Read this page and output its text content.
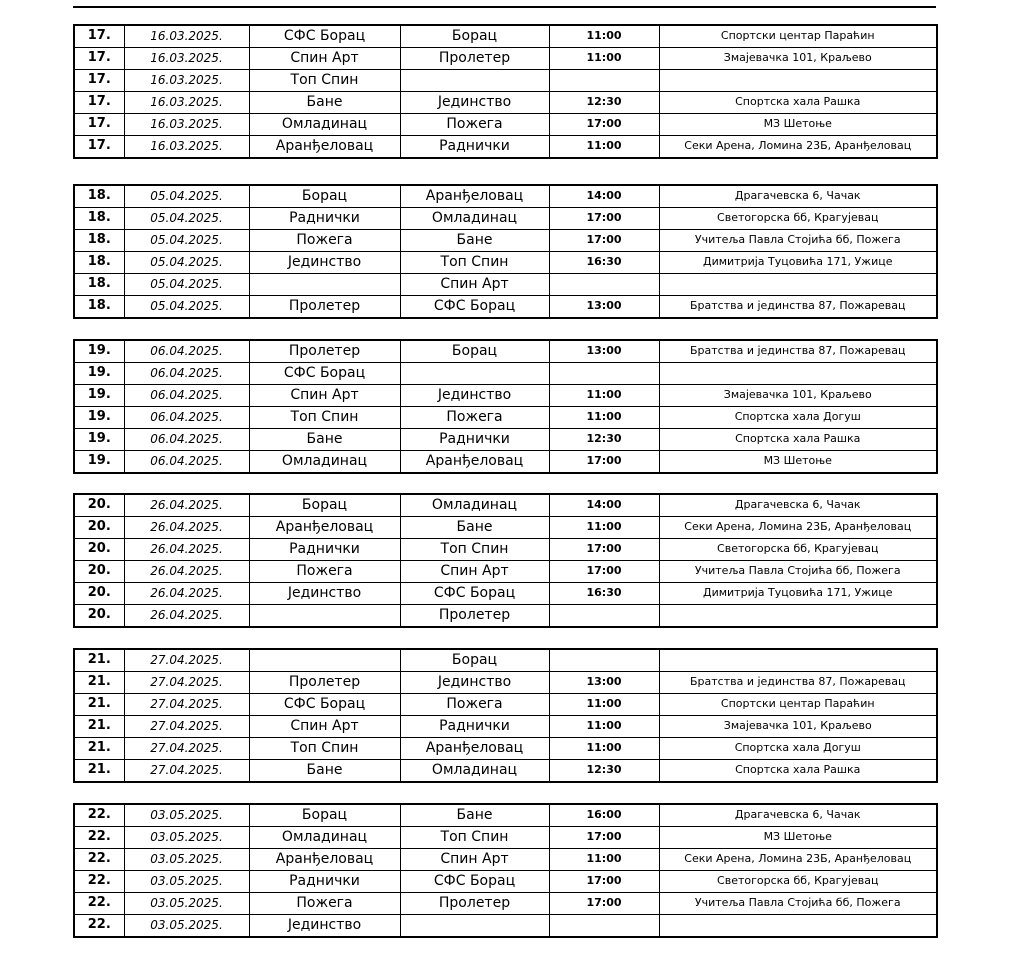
17.	16.03.2025.	СФС Борац	Борац	11:00	Спортски центар Параћин
17.	16.03.2025.	Спин Арт	Пролетер	11:00	Змајевачка 101, Краљево
17.	16.03.2025.	Топ Спин			
17.	16.03.2025.	Бане	Јединство	12:30	Спортска хала Рашка
17.	16.03.2025.	Омладинац	Пожега	17:00	МЗ Шетоње
17.	16.03.2025.	Аранђеловац	Раднички	11:00	Секи Арена, Ломина 23Б, Аранђеловац
18.	05.04.2025.	Борац	Аранђеловац	14:00	Драгачевска 6, Чачак
18.	05.04.2025.	Раднички	Омладинац	17:00	Светогорска бб, Крагујевац
18.	05.04.2025.	Пожега	Бане	17:00	Учитеља Павла Стојића бб, Пожега
18.	05.04.2025.	Јединство	Топ Спин	16:30	Димитрија Туцовића 171, Ужице
18.	05.04.2025.		Спин Арт		
18.	05.04.2025.	Пролетер	СФС Борац	13:00	Братства и јединства 87, Пожаревац
19.	06.04.2025.	Пролетер	Борац	13:00	Братства и јединства 87, Пожаревац
19.	06.04.2025.	СФС Борац			
19.	06.04.2025.	Спин Арт	Јединство	11:00	Змајевачка 101, Краљево
19.	06.04.2025.	Топ Спин	Пожега	11:00	Спортска хала Догуш
19.	06.04.2025.	Бане	Раднички	12:30	Спортска хала Рашка
19.	06.04.2025.	Омладинац	Аранђеловац	17:00	МЗ Шетоње
20.	26.04.2025.	Борац	Омладинац	14:00	Драгачевска 6, Чачак
20.	26.04.2025.	Аранђеловац	Бане	11:00	Секи Арена, Ломина 23Б, Аранђеловац
20.	26.04.2025.	Раднички	Топ Спин	17:00	Светогорска бб, Крагујевац
20.	26.04.2025.	Пожега	Спин Арт	17:00	Учитеља Павла Стојића бб, Пожега
20.	26.04.2025.	Јединство	СФС Борац	16:30	Димитрија Туцовића 171, Ужице
20.	26.04.2025.		Пролетер		
21.	27.04.2025.		Борац		
21.	27.04.2025.	Пролетер	Јединство	13:00	Братства и јединства 87, Пожаревац
21.	27.04.2025.	СФС Борац	Пожега	11:00	Спортски центар Параћин
21.	27.04.2025.	Спин Арт	Раднички	11:00	Змајевачка 101, Краљево
21.	27.04.2025.	Топ Спин	Аранђеловац	11:00	Спортска хала Догуш
21.	27.04.2025.	Бане	Омладинац	12:30	Спортска хала Рашка
22.	03.05.2025.	Борац	Бане	16:00	Драгачевска 6, Чачак
22.	03.05.2025.	Омладинац	Топ Спин	17:00	МЗ Шетоње
22.	03.05.2025.	Аранђеловац	Спин Арт	11:00	Секи Арена, Ломина 23Б, Аранђеловац
22.	03.05.2025.	Раднички	СФС Борац	17:00	Светогорска бб, Крагујевац
22.	03.05.2025.	Пожега	Пролетер	17:00	Учитеља Павла Стојића бб, Пожега
22.	03.05.2025.	Јединство			
